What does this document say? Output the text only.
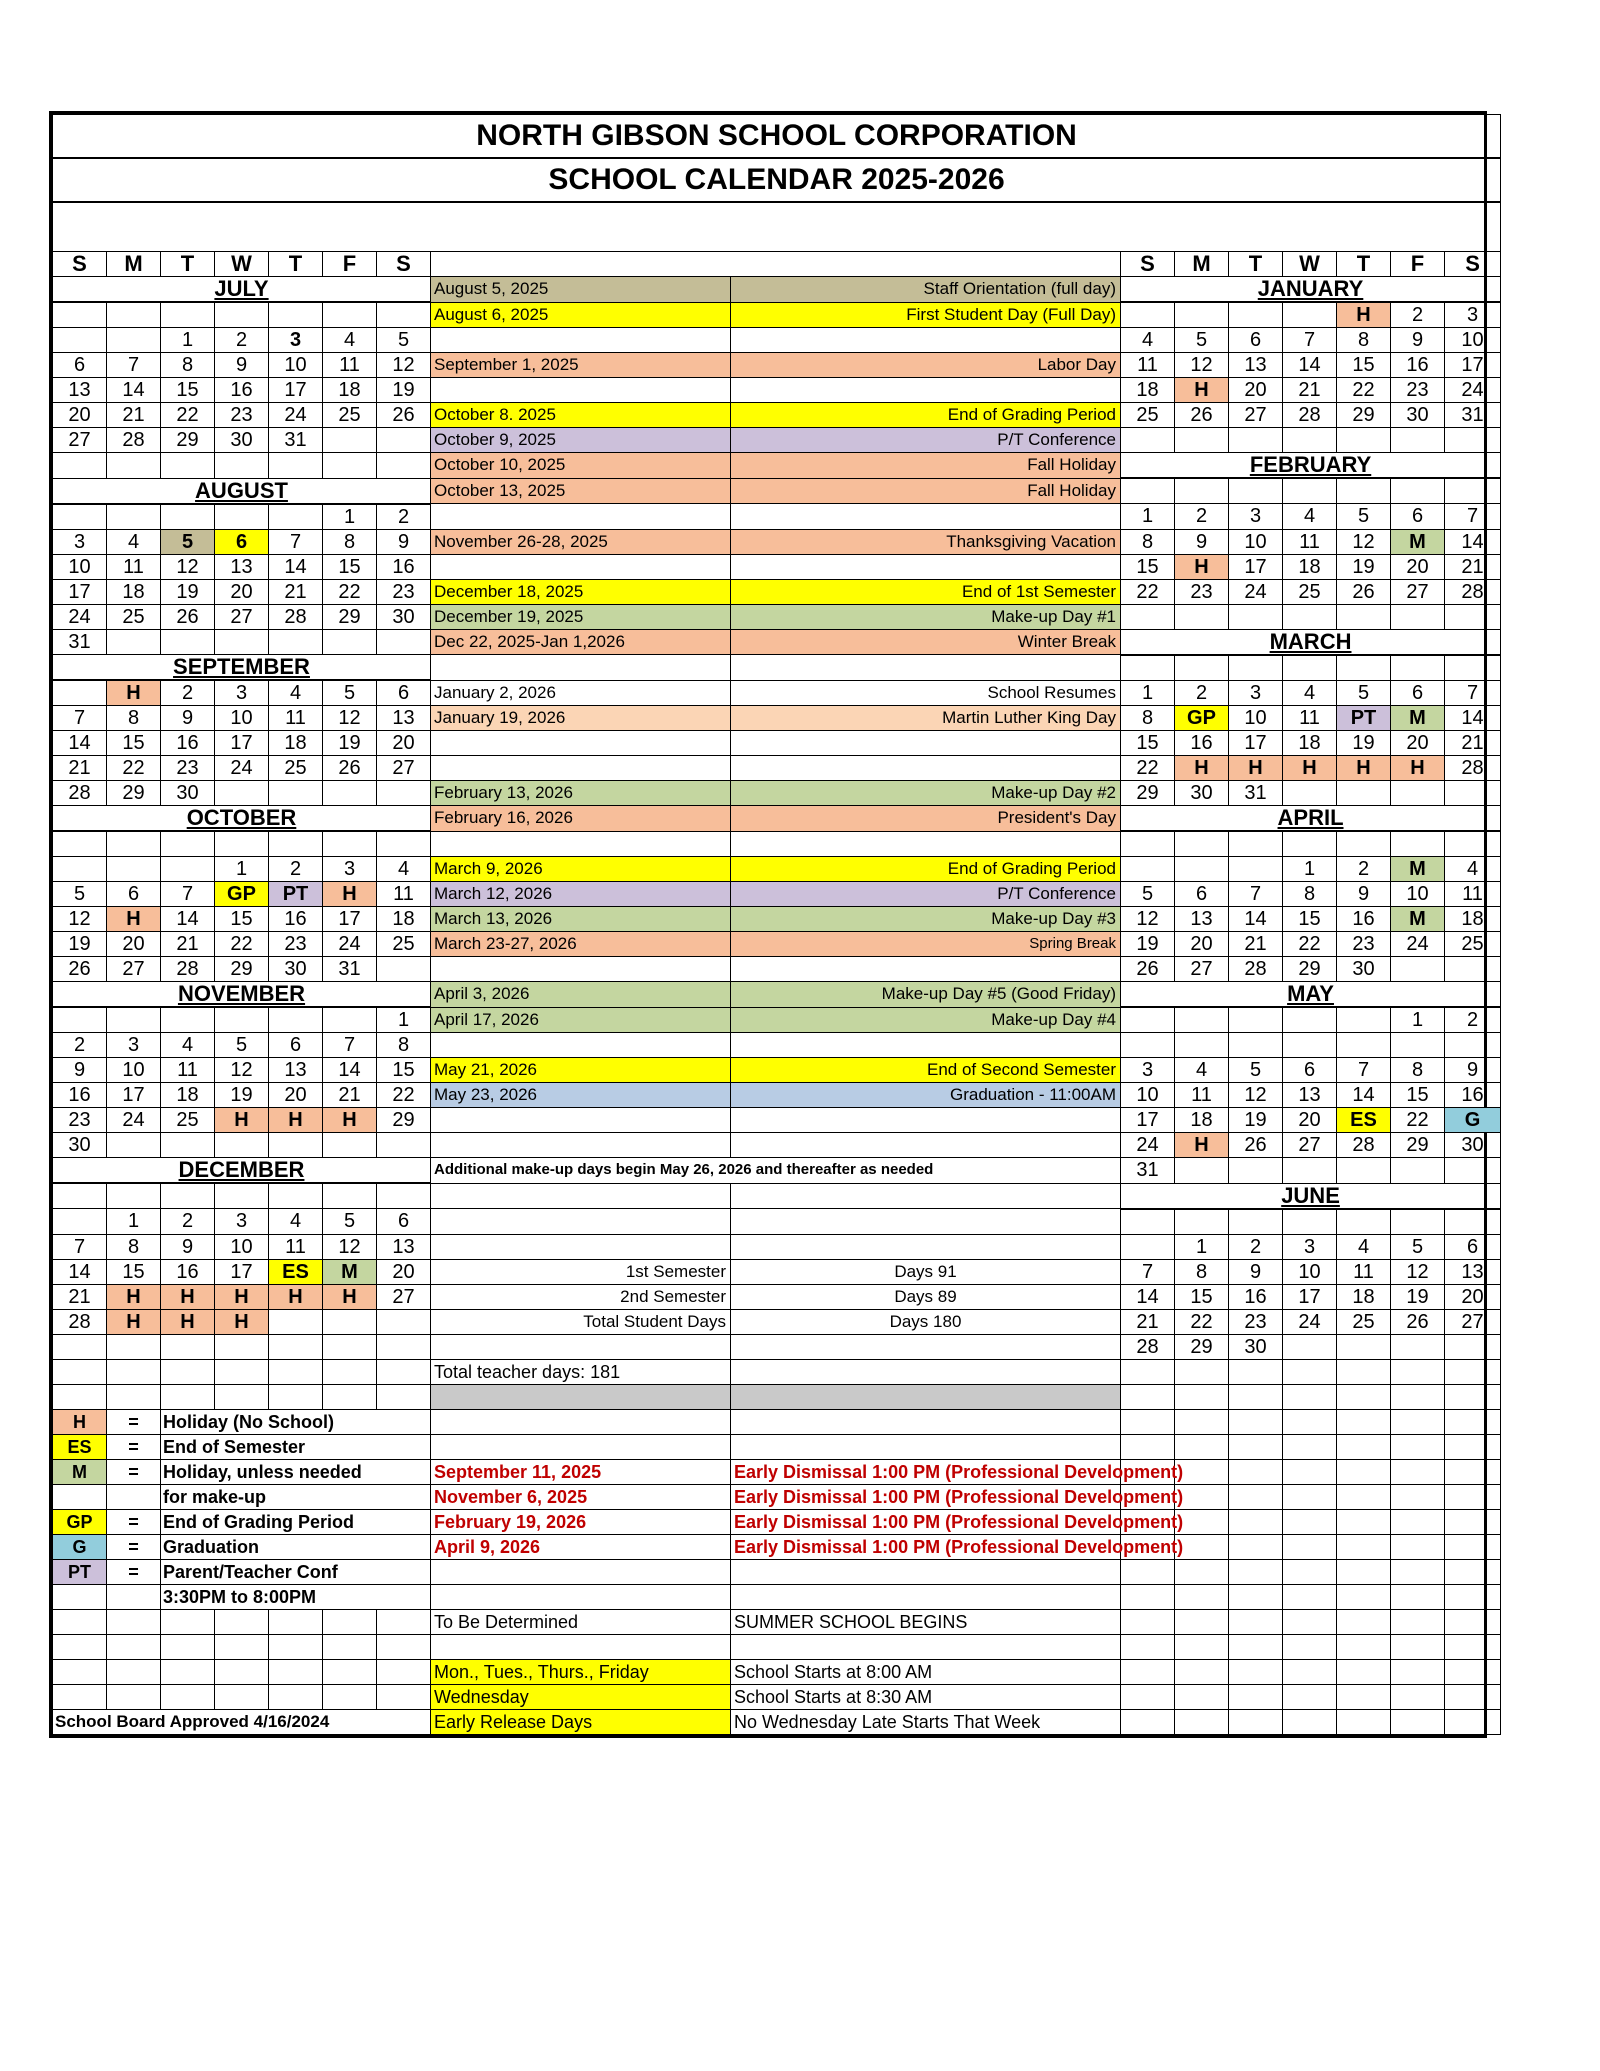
NORTH GIBSON SCHOOL CORPORATION															
SCHOOL CALENDAR 2025-2026															

S	M	T	W	T	F	S			S	M	T	W	T	F	S
JULY							August 5, 2025	Staff Orientation (full day)	JANUARY						
							August 6, 2025	First Student Day (Full Day)					H	2	3
		1	2	3	4	5			4	5	6	7	8	9	10
6	7	8	9	10	11	12	September 1, 2025	Labor Day	11	12	13	14	15	16	17
13	14	15	16	17	18	19			18	H	20	21	22	23	24
20	21	22	23	24	25	26	October 8. 2025	End of Grading Period	25	26	27	28	29	30	31
27	28	29	30	31			October 9, 2025	P/T Conference							
							October 10, 2025	Fall Holiday	FEBRUARY						
AUGUST							October 13, 2025	Fall Holiday							
					1	2			1	2	3	4	5	6	7
3	4	5	6	7	8	9	November 26-28, 2025	Thanksgiving Vacation	8	9	10	11	12	M	14
10	11	12	13	14	15	16			15	H	17	18	19	20	21
17	18	19	20	21	22	23	December 18, 2025	End of 1st Semester	22	23	24	25	26	27	28
24	25	26	27	28	29	30	December 19, 2025	Make-up Day #1							
31							Dec 22, 2025-Jan 1,2026	Winter Break	MARCH						
SEPTEMBER															
	H	2	3	4	5	6	January 2, 2026	School Resumes	1	2	3	4	5	6	7
7	8	9	10	11	12	13	January 19, 2026	Martin Luther King Day	8	GP	10	11	PT	M	14
14	15	16	17	18	19	20			15	16	17	18	19	20	21
21	22	23	24	25	26	27			22	H	H	H	H	H	28
28	29	30					February 13, 2026	Make-up Day #2	29	30	31				
OCTOBER							February 16, 2026	President's Day	APRIL						

			1	2	3	4	March 9, 2026	End of Grading Period				1	2	M	4
5	6	7	GP	PT	H	11	March 12, 2026	P/T Conference	5	6	7	8	9	10	11
12	H	14	15	16	17	18	March 13, 2026	Make-up Day #3	12	13	14	15	16	M	18
19	20	21	22	23	24	25	March 23-27, 2026	Spring Break	19	20	21	22	23	24	25
26	27	28	29	30	31				26	27	28	29	30		
NOVEMBER							April 3, 2026	Make-up Day #5 (Good Friday)	MAY						
						1	April 17, 2026	Make-up Day #4						1	2
2	3	4	5	6	7	8									
9	10	11	12	13	14	15	May 21, 2026	End of Second Semester	3	4	5	6	7	8	9
16	17	18	19	20	21	22	May 23, 2026	Graduation - 11:00AM	10	11	12	13	14	15	16
23	24	25	H	H	H	29			17	18	19	20	ES	22	G
30									24	H	26	27	28	29	30
DECEMBER							Additional make-up days begin May 26, 2026 and thereafter as needed		31						
									JUNE						
	1	2	3	4	5	6									
7	8	9	10	11	12	13				1	2	3	4	5	6
14	15	16	17	ES	M	20	1st Semester	Days 91	7	8	9	10	11	12	13
21	H	H	H	H	H	27	2nd Semester	Days 89	14	15	16	17	18	19	20
28	H	H	H				Total Student Days	Days 180	21	22	23	24	25	26	27
									28	29	30				
							Total teacher days: 181								

H	=	Holiday (No School)													
ES	=	End of Semester													
M	=	Holiday, unless needed					September 11, 2025	Early Dismissal 1:00 PM (Professional Development)							
		for make-up					November 6, 2025	Early Dismissal 1:00 PM (Professional Development)							
GP	=	End of Grading Period					February 19, 2026	Early Dismissal 1:00 PM (Professional Development)							
G	=	Graduation					April 9, 2026	Early Dismissal 1:00 PM (Professional Development)							
PT	=	Parent/Teacher Conf													
		3:30PM to 8:00PM													
							To Be Determined	SUMMER SCHOOL BEGINS							

							Mon., Tues., Thurs., Friday	School Starts at 8:00 AM							
							Wednesday	School Starts at 8:30 AM							
School Board Approved 4/16/2024							Early Release Days	No Wednesday Late Starts That Week							
